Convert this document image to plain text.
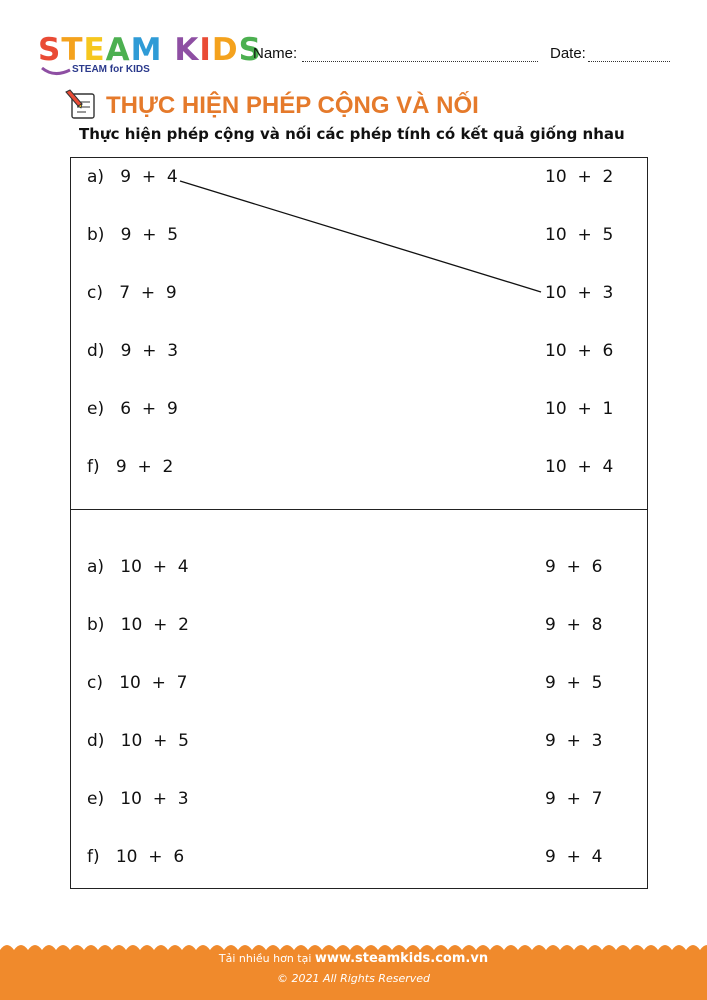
STEAM KIDS
STEAM for KIDS
Name:	Date:
THỰC HIỆN PHÉP CỘNG VÀ NỐI
Thực hiện phép cộng và nối các phép tính có kết quả giống nhau
a)   9  +  4
b)   9  +  5
c)   7  +  9
d)   9  +  3
e)   6  +  9
f)   9  +  2
10  +  2
10  +  5
10  +  3
10  +  6
10  +  1
10  +  4
a)   10  +  4
b)   10  +  2
c)   10  +  7
d)   10  +  5
e)   10  +  3
f)   10  +  6
9  +  6
9  +  8
9  +  5
9  +  3
9  +  7
9  +  4
Tải nhiều hơn tại www.steamkids.com.vn
© 2021 All Rights Reserved
